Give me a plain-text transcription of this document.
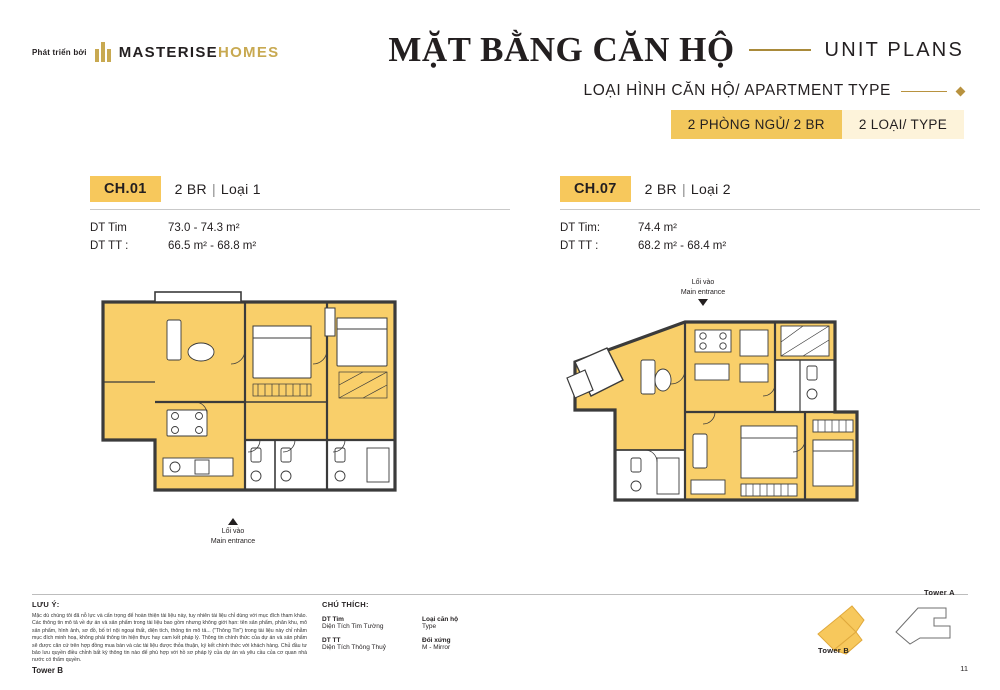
Phát triển bởi MASTERISEHOMES	MẶT BẰNG CĂN HỘ	UNIT PLANS
LOẠI HÌNH CĂN HỘ/ APARTMENT TYPE
2 PHÒNG NGỦ/ 2 BR	2 LOẠI/ TYPE
CH.01	2 BR | Loại 1
DT Tim	73.0 - 74.3 m²
DT TT :	66.5 m² - 68.8 m²
CH.07	2 BR | Loại 2
DT Tim:	74.4 m²
DT TT :	68.2 m² - 68.4 m²
Lối vào
Main entrance
Lối vào
Main entrance
LƯU Ý:
Mặc dù chúng tôi đã nỗ lực và cẩn trọng để hoàn thiện tài liệu này, tuy nhiên tài liệu chỉ dùng với mục đích tham khảo. Các thông tin mô tả về dự án và sản phẩm trong tài liệu bao gồm nhưng không giới hạn: tên sản phẩm, phân khu, mô sản phẩm, hình ảnh, sơ đồ, bố trí nội ngoại thất, diện tích, thông tin mô tả... ("Thông Tin") trong tài liệu này chỉ nhằm mục đích minh hoạ, không phải thông tin hiện thực hay cam kết pháp lý. Thông tin chính thức của dự án và sản phẩm sẽ được căn cứ trên hợp đồng mua bán và các tài liệu được thỏa thuận, ký kết chính thức với khách hàng. Chủ đầu tư bảo lưu quyền điều chỉnh bất kỳ thông tin nào để phù hợp với hồ sơ pháp lý của dự án và yêu cầu của cơ quan nhà nước có thẩm quyền.
CHÚ THÍCH:
DT Tim
Diện Tích Tim Tường
Loại căn hộ
Type
DT TT
Diện Tích Thông Thuỷ
Đối xứng
M - Mirror
Tower A
Tower B
Tower B	11
